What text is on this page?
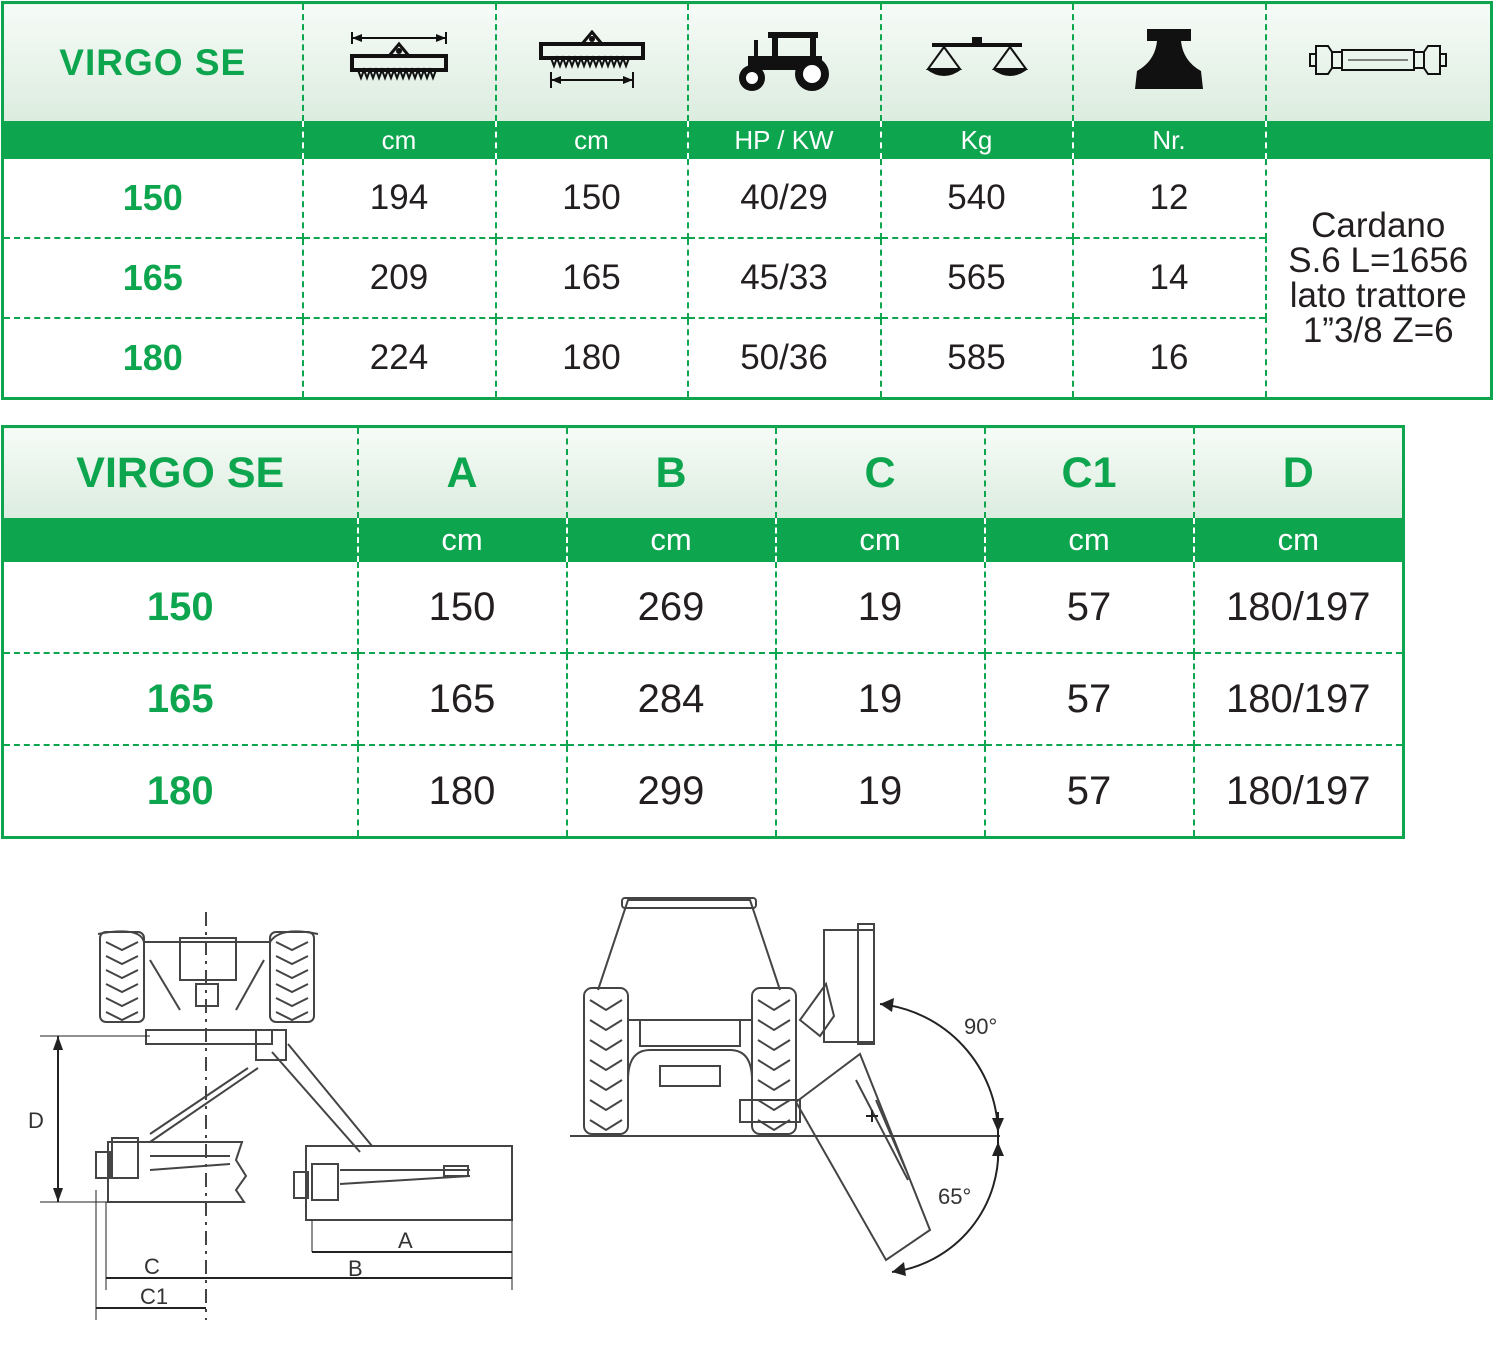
VIRGO SE						
	cm	cm	HP / KW	Kg	Nr.	
150	194	150	40/29	540	12	Cardano
S.6 L=1656
lato trattore
1”3/8 Z=6

165	209	165	45/33	565	14	
180	224	180	50/36	585	16	
VIRGO SE	A	B	C	C1	D
	cm	cm	cm	cm	cm
150	150	269	19	57	180/197
165	165	284	19	57	180/197
180	180	299	19	57	180/197
D
A
B
C
C1
90°
65°
